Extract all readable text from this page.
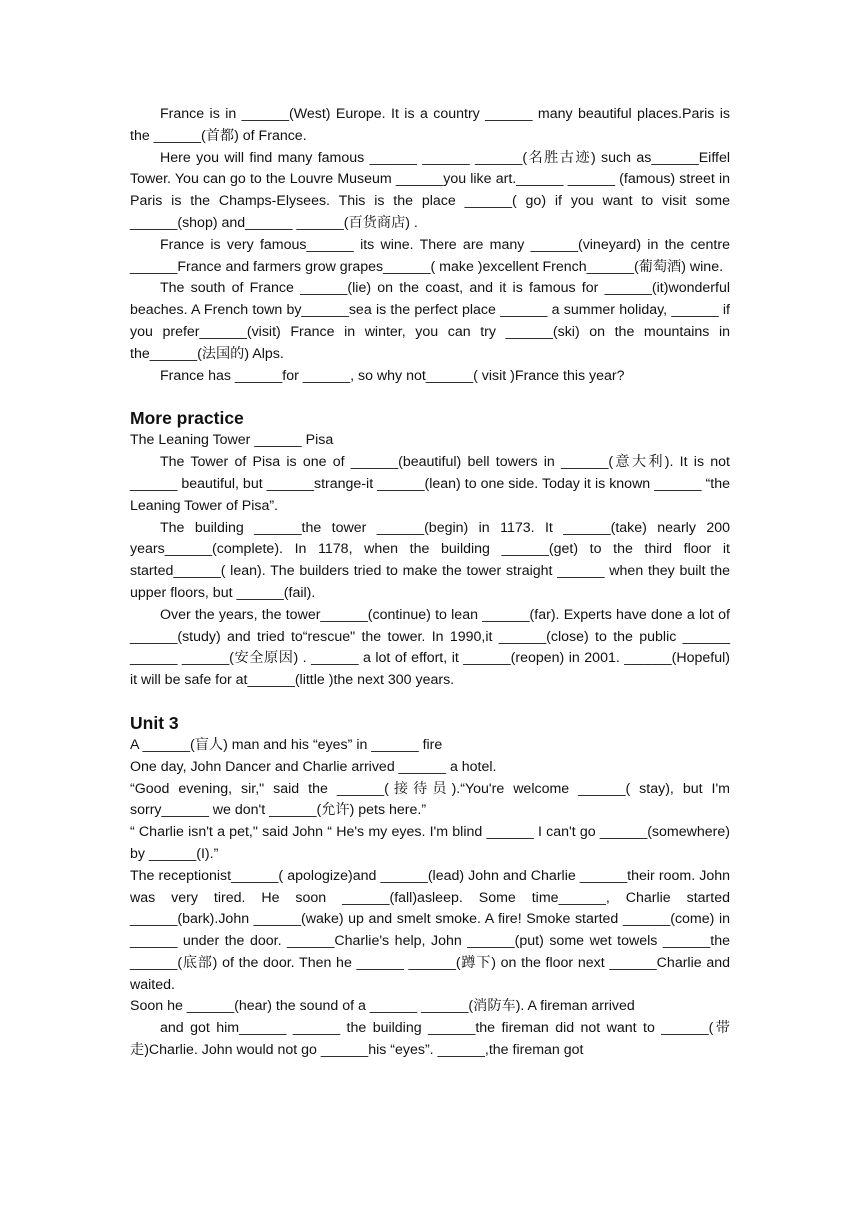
France is in ______(West) Europe. It is a country ______ many beautiful places.Paris is the ______(首都) of France.

Here you will find many famous ______ ______ ______(名胜古迹) such as______Eiffel Tower. You can go to the Louvre Museum ______you like art.______ ______ (famous) street in Paris is the Champs-Elysees. This is the place ______( go) if you want to visit some ______(shop) and______ ______(百货商店) .

France is very famous______ its wine. There are many ______(vineyard) in the centre ______France and farmers grow grapes______( make )excellent French______(葡萄酒) wine.

The south of France ______(lie) on the coast, and it is famous for ______(it)wonderful beaches. A French town by______sea is the perfect place ______ a summer holiday, ______ if you prefer______(visit) France in winter, you can try ______(ski) on the mountains in the______(法国的) Alps.

France has ______for ______, so why not______( visit )France this year?

More practice

The Leaning Tower ______ Pisa

The Tower of Pisa is one of ______(beautiful) bell towers in ______(意大利). It is not ______ beautiful, but ______strange-it ______(lean) to one side. Today it is known ______ “the Leaning Tower of Pisa”.

The building ______the tower ______(begin) in 1173. It ______(take) nearly 200 years______(complete). In 1178, when the building ______(get) to the third floor it started______( lean). The builders tried to make the tower straight ______ when they built the upper floors, but ______(fail).

Over the years, the tower______(continue) to lean ______(far). Experts have done a lot of ______(study) and tried to“rescue" the tower. In 1990,it ______(close) to the public ______ ______ ______(安全原因) . ______ a lot of effort, it ______(reopen) in 2001. ______(Hopeful) it will be safe for at______(little )the next 300 years.

Unit 3

A ______(盲人) man and his “eyes” in ______ fire

One day, John Dancer and Charlie arrived ______ a hotel.

“Good evening, sir," said the ______(接待员).“You're welcome ______( stay), but I'm sorry______ we don't ______(允许) pets here.”

“ Charlie isn't a pet," said John “ He's my eyes. I'm blind ______ I can't go ______(somewhere) by ______(I).”

The receptionist______( apologize)and ______(lead) John and Charlie ______their room. John was very tired. He soon ______(fall)asleep. Some time______, Charlie started ______(bark).John ______(wake) up and smelt smoke. A fire! Smoke started ______(come) in ______ under the door. ______Charlie's help, John ______(put) some wet towels ______the ______(底部) of the door. Then he ______ ______(蹲下) on the floor next ______Charlie and waited.

Soon he ______(hear) the sound of a ______ ______(消防车). A fireman arrived

and got him______ ______ the building ______the fireman did not want to ______(带走)Charlie. John would not go ______his “eyes”. ______,the fireman got
